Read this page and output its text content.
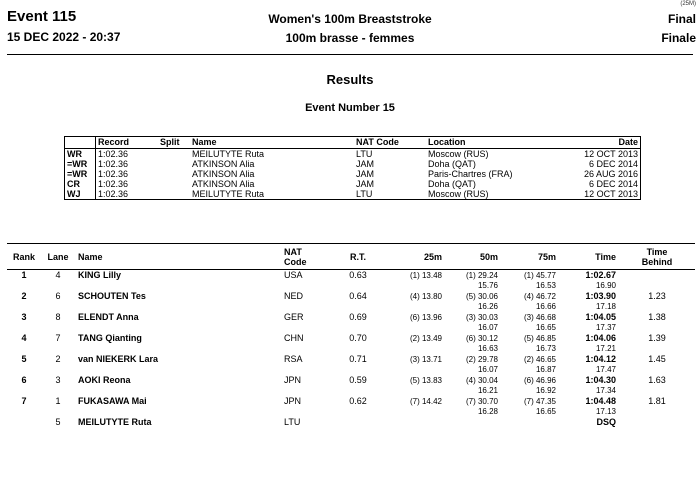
Event 115
15 DEC 2022 - 20:37
Women's 100m Breaststroke
100m brasse - femmes
(25M)
Final
Finale
Results
Event Number 15
	Record	Split	Name	NAT Code	Location	Date
WR	1:02.36		MEILUTYTE Ruta	LTU	Moscow (RUS)	12 OCT 2013
=WR	1:02.36		ATKINSON Alia	JAM	Doha (QAT)	6 DEC 2014
=WR	1:02.36		ATKINSON Alia	JAM	Paris-Chartres (FRA)	26 AUG 2016
CR	1:02.36		ATKINSON Alia	JAM	Doha (QAT)	6 DEC 2014
WJ	1:02.36		MEILUTYTE Ruta	LTU	Moscow (RUS)	12 OCT 2013
Rank	Lane	Name	NAT
Code	R.T.	25m	50m	75m	Time	Time
Behind
1	4	KING Lilly	USA	0.63	(1) 13.48	(1) 29.24	(1) 45.77	1:02.67	
						15.76	16.53	16.90	
2	6	SCHOUTEN Tes	NED	0.64	(4) 13.80	(5) 30.06	(4) 46.72	1:03.90	1.23
						16.26	16.66	17.18	
3	8	ELENDT Anna	GER	0.69	(6) 13.96	(3) 30.03	(3) 46.68	1:04.05	1.38
						16.07	16.65	17.37	
4	7	TANG Qianting	CHN	0.70	(2) 13.49	(6) 30.12	(5) 46.85	1:04.06	1.39
						16.63	16.73	17.21	
5	2	van NIEKERK Lara	RSA	0.71	(3) 13.71	(2) 29.78	(2) 46.65	1:04.12	1.45
						16.07	16.87	17.47	
6	3	AOKI Reona	JPN	0.59	(5) 13.83	(4) 30.04	(6) 46.96	1:04.30	1.63
						16.21	16.92	17.34	
7	1	FUKASAWA Mai	JPN	0.62	(7) 14.42	(7) 30.70	(7) 47.35	1:04.48	1.81
						16.28	16.65	17.13	
	5	MEILUTYTE Ruta	LTU					DSQ	
